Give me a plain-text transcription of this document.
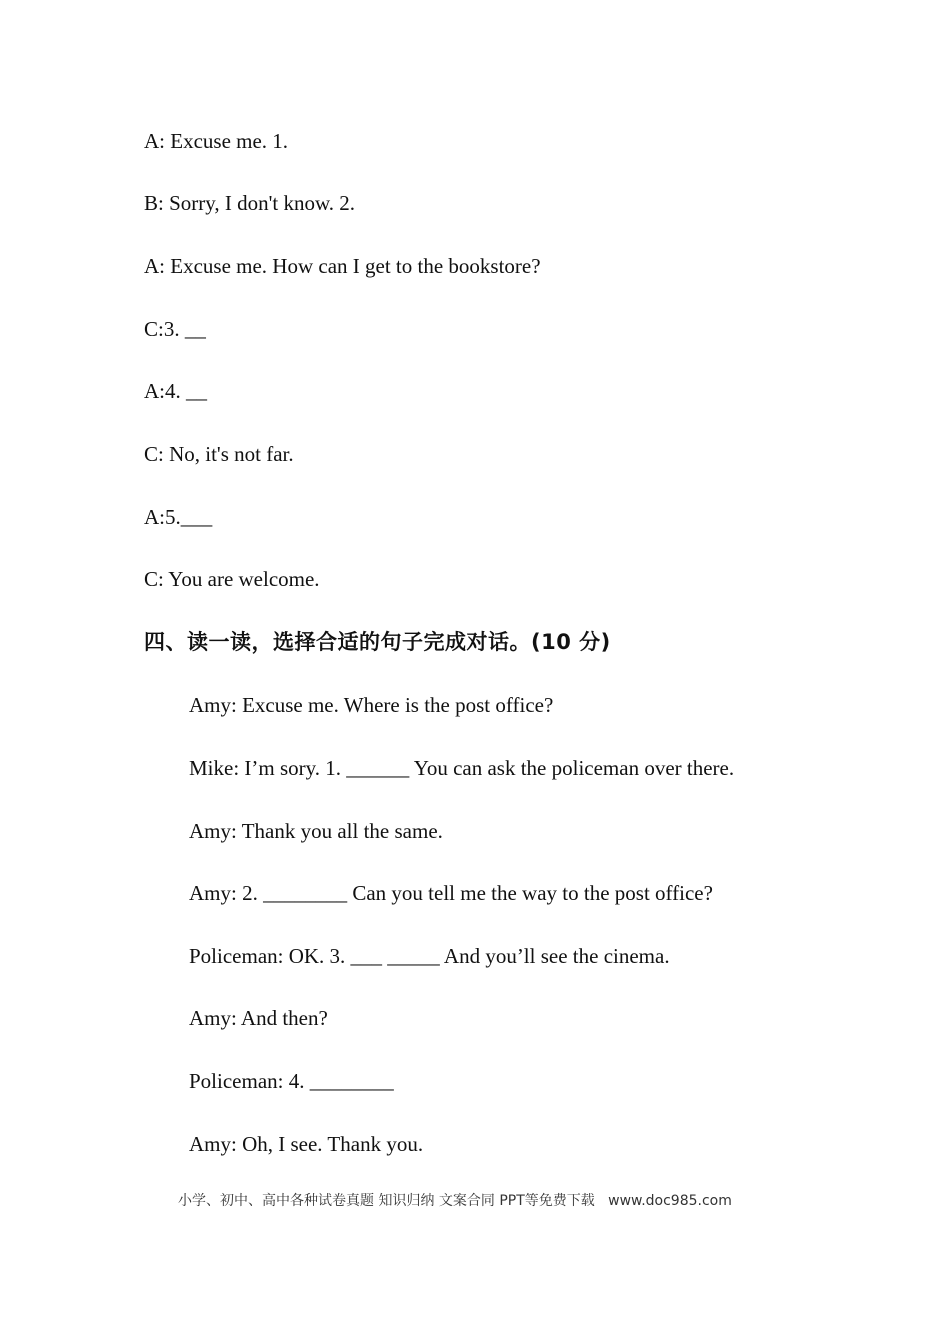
A: Excuse me. 1.
B: Sorry, I don't know. 2.
A: Excuse me. How can I get to the bookstore?
C:3. __
A:4. __
C: No, it's not far.
A:5.___
C: You are welcome.
四、读一读，选择合适的句子完成对话。(10 分)
Amy: Excuse me. Where is the post office?
Mike: I’m sory. 1. ______ You can ask the policeman over there.
Amy: Thank you all the same.
Amy: 2. ________ Can you tell me the way to the post office?
Policeman: OK. 3. ___ _____ And you’ll see the cinema.
Amy: And then?
Policeman: 4. ________
Amy: Oh, I see. Thank you.
小学、初中、高中各种试卷真题 知识归纳 文案合同 PPT等免费下载   www.doc985.com
